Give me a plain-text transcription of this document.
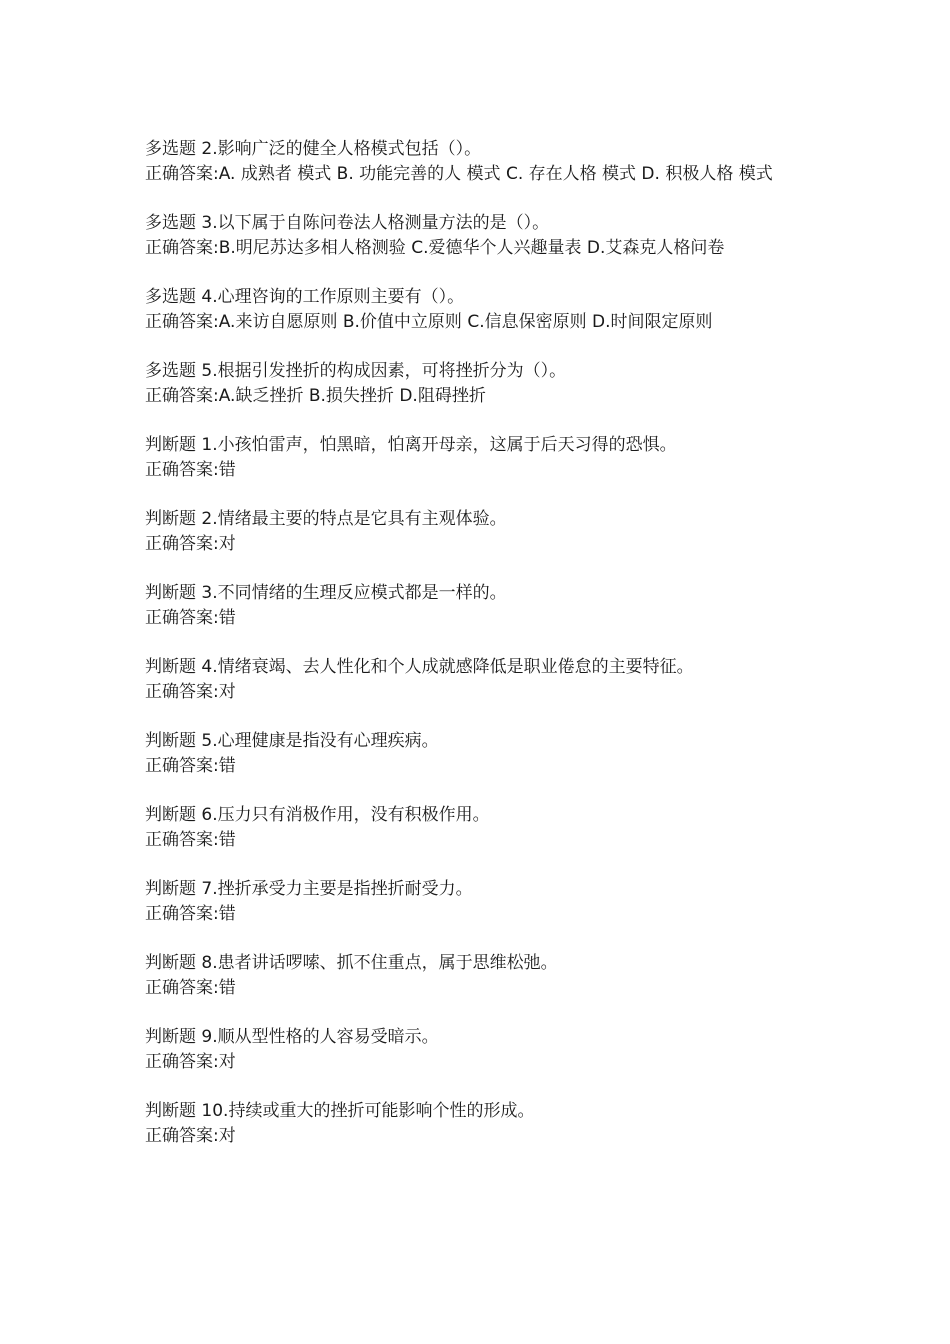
多选题 2.影响广泛的健全人格模式包括（）。
正确答案:A. 成熟者 模式 B. 功能完善的人 模式 C. 存在人格 模式 D. 积极人格 模式
多选题 3.以下属于自陈问卷法人格测量方法的是（）。
正确答案:B.明尼苏达多相人格测验 C.爱德华个人兴趣量表 D.艾森克人格问卷
多选题 4.心理咨询的工作原则主要有（）。
正确答案:A.来访自愿原则 B.价值中立原则 C.信息保密原则 D.时间限定原则
多选题 5.根据引发挫折的构成因素，可将挫折分为（）。
正确答案:A.缺乏挫折 B.损失挫折 D.阻碍挫折
判断题 1.小孩怕雷声，怕黑暗，怕离开母亲，这属于后天习得的恐惧。
正确答案:错
判断题 2.情绪最主要的特点是它具有主观体验。
正确答案:对
判断题 3.不同情绪的生理反应模式都是一样的。
正确答案:错
判断题 4.情绪衰竭、去人性化和个人成就感降低是职业倦怠的主要特征。
正确答案:对
判断题 5.心理健康是指没有心理疾病。
正确答案:错
判断题 6.压力只有消极作用，没有积极作用。
正确答案:错
判断题 7.挫折承受力主要是指挫折耐受力。
正确答案:错
判断题 8.患者讲话啰嗦、抓不住重点，属于思维松弛。
正确答案:错
判断题 9.顺从型性格的人容易受暗示。
正确答案:对
判断题 10.持续或重大的挫折可能影响个性的形成。
正确答案:对
